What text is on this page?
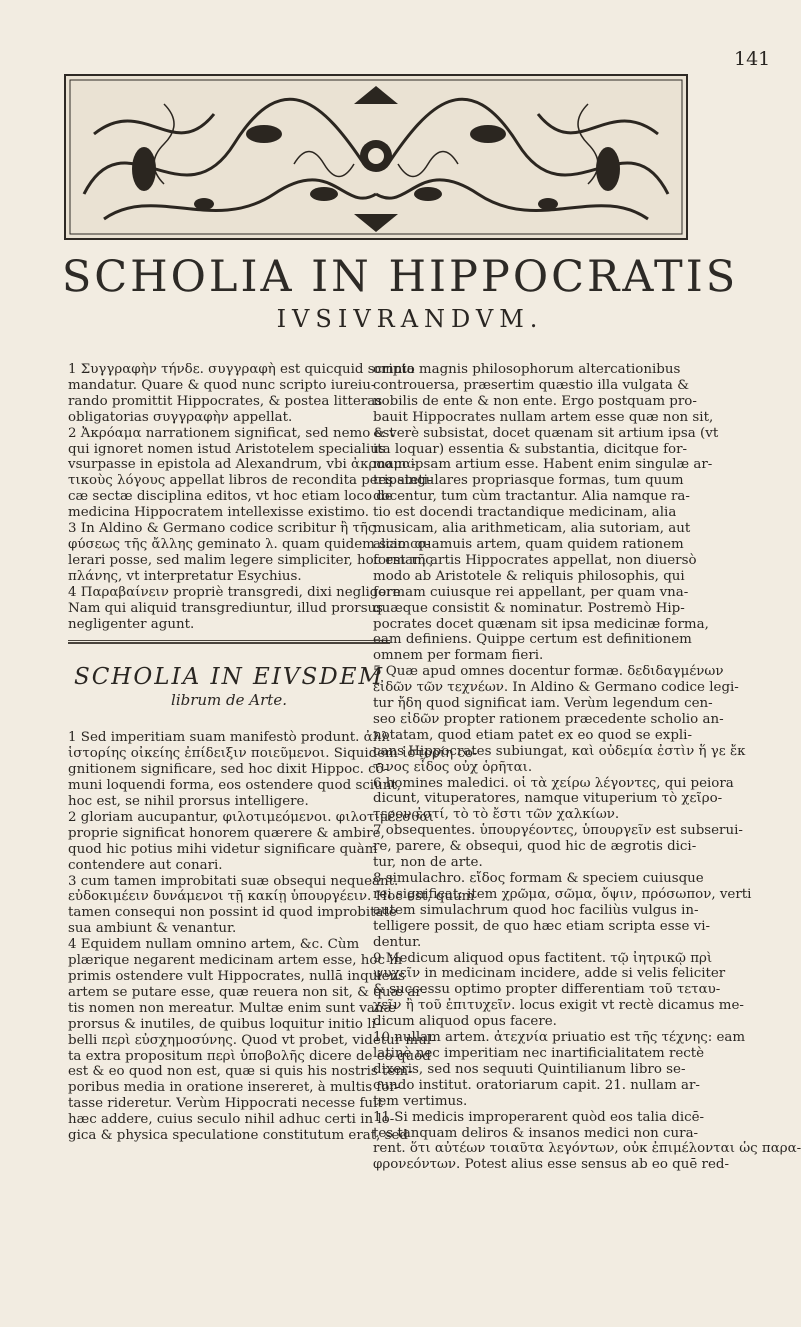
141
SCHOLIA IN HIPPOCRATIS
IVSIVRANDVM.
1 Συγγραφὴν τήνδε. συγγραφὴ est quicquid scripto
mandatur. Quare & quod nunc scripto iureiu-
rando promittit Hippocrates, & postea litteras
obligatorias συγγραφὴν appellat.
2 Ἀκρόαμα narrationem significat, sed nemo est
qui ignoret nomen istud Aristotelem specialius
vsurpasse in epistola ad Alexandrum, vbi ἀκροαμα-
τικοὺς λόγους appellat libros de recondita peripateti-
cæ sectæ disciplina editos, vt hoc etiam loco de
medicina Hippocratem intellexisse existimo.
3 In Aldino & Germano codice scribitur ἢ τῆς
φύσεως τῆς ἄλλης geminato λ. quam quidem scio co-
lerari posse, sed malim legere simpliciter, hoc est τῆς
πλάνης, vt interpretatur Esychius.
4 Παραβαίνειν propriè transgredi, dixi negligere.
Nam qui aliquid transgrediuntur, illud prorsus
negligenter agunt.
SCHOLIA IN EIVSDEM
librum de Arte.
1 Sed imperitiam suam manifestò produnt. ἀλλ'
ἱστορίης οἰκείης ἐπίδειξιν ποιεῦμενοι. Siquidem ἱστορίη co-
gnitionem significare, sed hoc dixit Hippoc. cō-
muni loquendi forma, eos ostendere quod sciunt,
hoc est, se nihil prorsus intelligere.
2 gloriam aucupantur, φιλοτιμεόμενοι. φιλοτιμέεσθαι
proprie significat honorem quærere & ambire,
quod hic potius mihi videtur significare quàm
contendere aut conari.
3 cum tamen improbitati suæ obsequi nequeant.
εὐδοκιμέειν δυνάμενοι τῇ κακίῃ ὑπουργέειν. Hoc est, quum
tamen consequi non possint id quod improbitate
sua ambiunt & venantur.
4 Equidem nullam omnino artem, &c. Cùm
plærique negarent medicinam artem esse, hoc in
primis ostendere vult Hippocrates, nullā inquiens
artem se putare esse, quæ reuera non sit, & quæ ar-
tis nomen non mereatur. Multæ enim sunt vanæ
prorsus & inutiles, de quibus loquitur initio li-
belli περὶ εὐσχημοσύνης. Quod vt probet, videtur mul-
ta extra propositum περὶ ὑποβολῆς dicere de eo quod
est & eo quod non est, quæ si quis his nostris tem-
poribus media in oratione insereret, à multis for-
tasse rideretur. Verùm Hippocrati necesse fuit
hæc addere, cuius seculo nihil adhuc certi in lo-
gica & physica speculatione constitutum erat, sed
omnia magnis philosophorum altercationibus
controuersa, præsertim quæstio illa vulgata &
nobilis de ente & non ente. Ergo postquam pro-
bauit Hippocrates nullam artem esse quæ non sit,
& verè subsistat, docet quænam sit artium ipsa (vt
ita loquar) essentia & substantia, dicitque for-
mam ipsam artium esse. Habent enim singulæ ar-
tes singulares propriasque formas, tum quum
docentur, tum cùm tractantur. Alia namque ra-
tio est docendi tractandique medicinam, alia
musicam, alia arithmeticam, alia sutoriam, aut
aliam quamuis artem, quam quidem rationem
formam artis Hippocrates appellat, non diuersò
modo ab Aristotele & reliquis philosophis, qui
formam cuiusque rei appellant, per quam vna-
quæque consistit & nominatur. Postremò Hip-
pocrates docet quænam sit ipsa medicinæ forma,
eam definiens. Quippe certum est definitionem
omnem per formam fieri.
5 Quæ apud omnes docentur formæ. δεδιδαγμένων
εἰδῶν τῶν τεχνέων. In Aldino & Germano codice legi-
tur ἤδη quod significat iam. Verùm legendum cen-
seo εἰδῶν propter rationem præcedente scholio an-
notatam, quod etiam patet ex eo quod se expli-
cans Hippocrates subiungat, καὶ οὐδεμία ἐστὶν ἥ γε ἔκ
τινος εἶδος οὐχ ὁρῆται.
6 homines maledici. οἱ τὰ χείρω λέγοντες, qui peiora
dicunt, vituperatores, namque vituperium τὸ χεῖρο-
τερον ἐστί, τὸ τὸ ἔστι τῶν χαλκίων.
7 obsequentes. ὑπουργέοντες, ὑπουργεῖν est subserui-
re, parere, & obsequi, quod hic de ægrotis dici-
tur, non de arte.
8 simulachro. εἴδος formam & speciem cuiusque
rei significat: item χρῶμα, σῶμα, ὄψιν, πρόσωπον, verti
autem simulachrum quod hoc faciliùs vulgus in-
telligere possit, de quo hæc etiam scripta esse vi-
dentur.
9 Medicum aliquod opus factitent. τῷ ἰητρικῷ πρὶ
ψυχεῖν in medicinam incidere, adde si velis feliciter
& successu optimo propter differentiam τοῦ τεταυ-
χεῖν ἢ τοῦ ἐπιτυχεῖν. locus exigit vt rectè dicamus me-
dicum aliquod opus facere.
10 nullam artem. ἀτεχνία priuatio est τῆς τέχνης: eam
latinè nec imperitiam nec inartificialitatem rectè
dixeris, sed nos sequuti Quintilianum libro se-
cundo institut. oratoriarum capit. 21. nullam ar-
tem vertimus.
11 Si medicis improperarent quòd eos talia dicē-
tes tanquam deliros & insanos medici non cura-
rent. ὅτι αὐτέων τοιαῦτα λεγόντων, οὐκ ἐπιμέλονται ὡς παρα-
φρονεόντων. Potest alius esse sensus ab eo quē red-
